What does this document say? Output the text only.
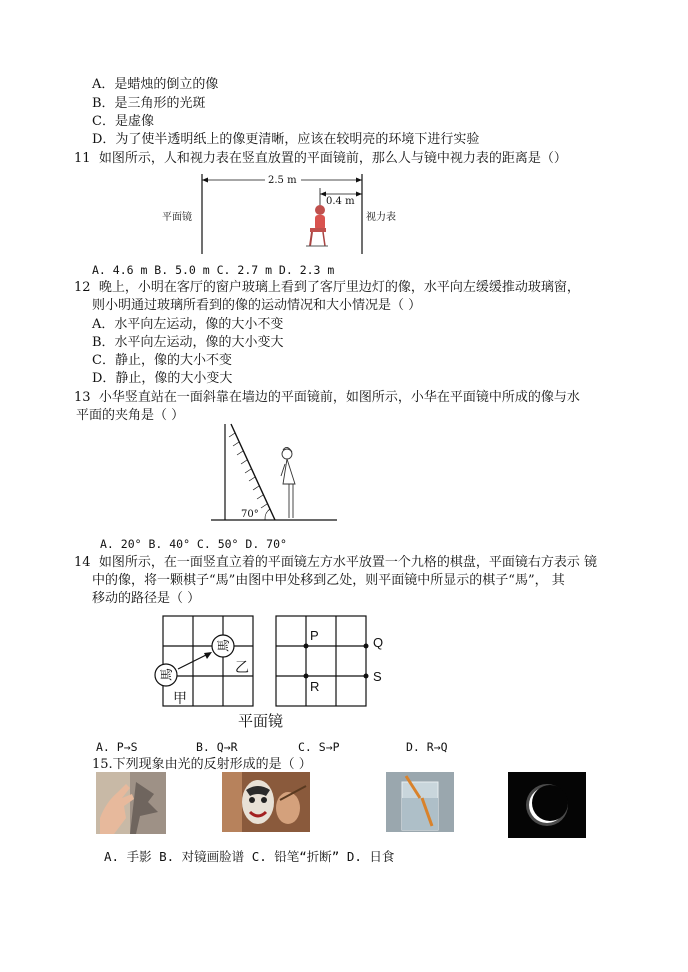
A．是蜡烛的倒立的像
B．是三角形的光斑
C．是虚像
D．为了使半透明纸上的像更清晰，应该在较明亮的环境下进行实验
11 如图所示，人和视力表在竖直放置的平面镜前，那么人与镜中视力表的距离是（）
2.5 m
0.4 m
平面镜	视力表
A. 4.6 m B. 5.0 m C. 2.7 m D. 2.3 m
12 晚上，小明在客厅的窗户玻璃上看到了客厅里边灯的像，水平向左缓缓推动玻璃窗，
则小明通过玻璃所看到的像的运动情况和大小情况是（ ）
A．水平向左运动，像的大小不变
B．水平向左运动，像的大小变大
C．静止，像的大小不变
D．静止，像的大小变大
13 小华竖直站在一面斜靠在墙边的平面镜前，如图所示，小华在平面镜中所成的像与水
平面的夹角是（ ）
70°
A. 20° B. 40° C. 50° D. 70°
14 如图所示，在一面竖直立着的平面镜左方水平放置一个九格的棋盘，平面镜右方表示 镜
中的像，将一颗棋子“馬”由图中甲处移到乙处，则平面镜中所显示的棋子“馬”， 其
移动的路径是（ ）
馬
馬
甲
乙
P	Q
R
S
平面镜
A. P→S	B. Q→R	C. S→P	D. R→Q
15.下列现象由光的反射形成的是（ ）
A. 手影 B. 对镜画脸谱 C. 铅笔“折断” D. 日食
